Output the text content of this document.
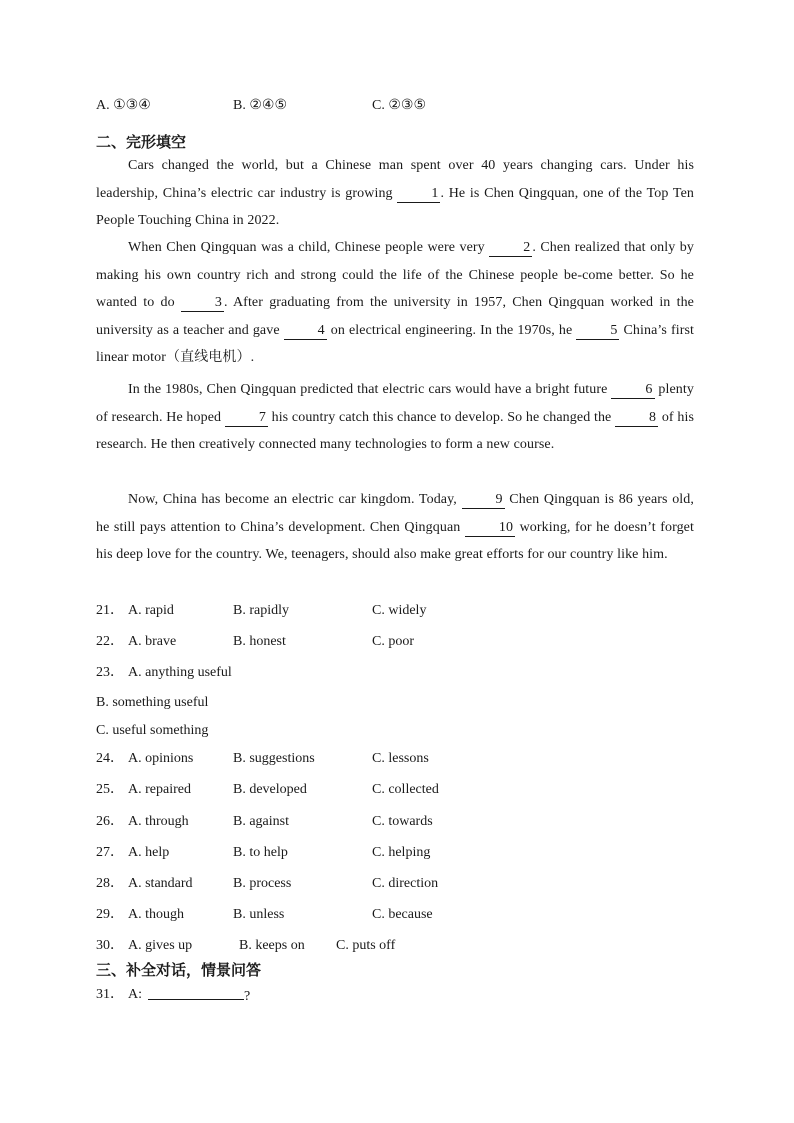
A. ①③④	B. ②④⑤	C. ②③⑤
二、完形填空
Cars changed the world, but a Chinese man spent over 40 years changing cars. Under his leadership, China’s electric car industry is growing 1 . He is Chen Qingquan, one of the Top Ten People Touching China in 2022.
When Chen Qingquan was a child, Chinese people were very 2 . Chen realized that only by making his own country rich and strong could the life of the Chinese people be-come better. So he wanted to do 3 . After graduating from the university in 1957, Chen Qingquan worked in the university as a teacher and gave 4 on electrical engineering. In the 1970s, he 5 China’s first linear motor（直线电机）.
In the 1980s, Chen Qingquan predicted that electric cars would have a bright future 6 plenty of research. He hoped 7 his country catch this chance to develop. So he changed the 8 of his research. He then creatively connected many technologies to form a new course.
Now, China has become an electric car kingdom. Today, 9 Chen Qingquan is 86 years old, he still pays attention to China’s development. Chen Qingquan 10 working, for he doesn’t forget his deep love for the country. We, teenagers, should also make great efforts for our country like him.
21． A. rapid	B. rapidly	C. widely
22． A. brave	B. honest	C. poor
23． A. anything useful
B. something useful
C. useful something
24． A. opinions	B. suggestions	C. lessons
25． A. repaired	B. developed	C. collected
26． A. through	B. against	C. towards
27． A. help	B. to help	C. helping
28． A. standard	B. process	C. direction
29． A. though	B. unless	C. because
30． A. gives up	B. keeps on C. puts off
三、补全对话，情景问答
31． A:	?
